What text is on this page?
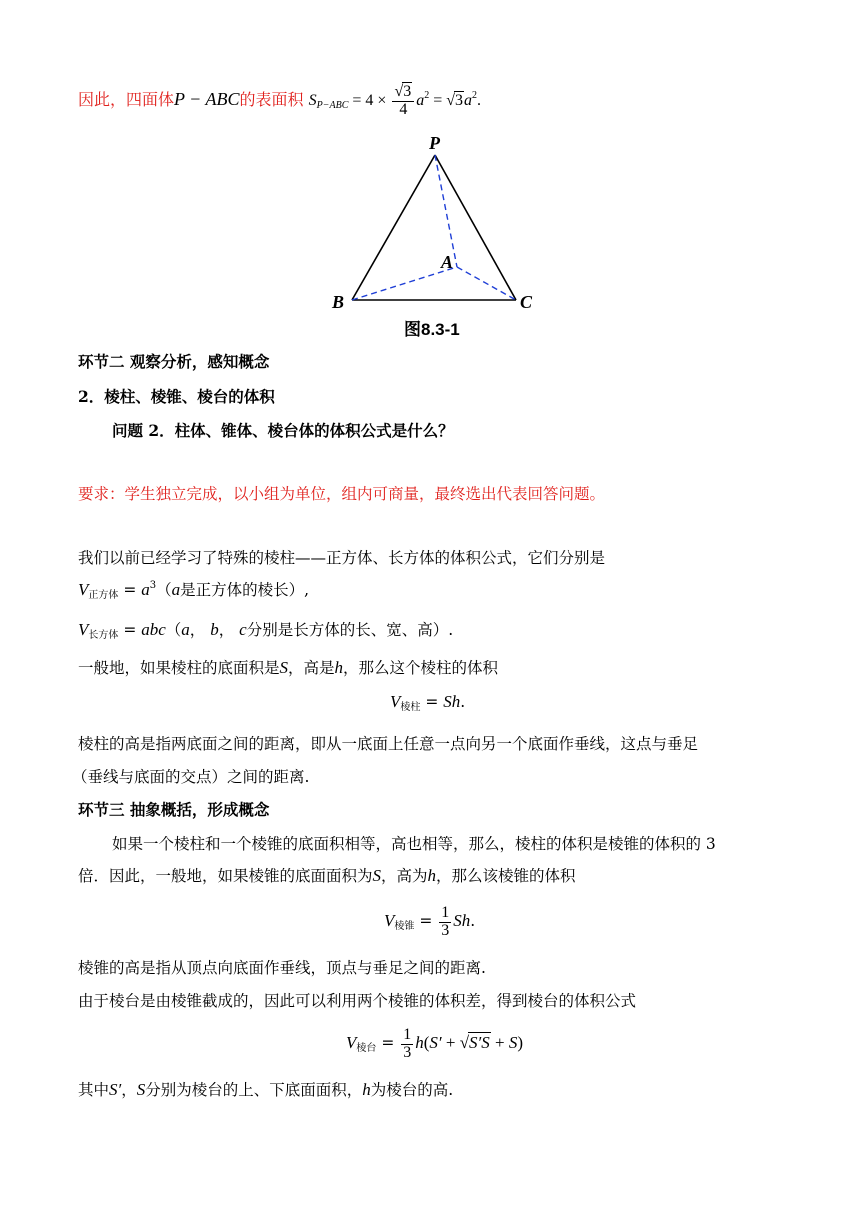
因此，四面体P − ABC的表面积 $S_{P-ABC} = 4 \times \frac{√3}{4} a^2 = √3a^2$.
P
A
B	C
图8.3-1
环节二 观察分析，感知概念
2．棱柱、棱锥、棱台的体积
问题 2．柱体、锥体、棱台体的体积公式是什么？
要求：学生独立完成，以小组为单位，组内可商量，最终选出代表回答问题。
我们以前已经学习了特殊的棱柱——正方体、长方体的体积公式，它们分别是
$V_{正方体} = a^3(a$是正方体的棱长）,
$V_{长方体} = abc(a$， b， c分别是长方体的长、宽、高）.
一般地，如果棱柱的底面积是S，高是h，那么这个棱柱的体积
$V_{棱柱} = Sh$.
棱柱的高是指两底面之间的距离，即从一底面上任意一点向另一个底面作垂线，这点与垂足
（垂线与底面的交点）之间的距离.
环节三 抽象概括，形成概念
如果一个棱柱和一个棱锥的底面积相等，高也相等，那么，棱柱的体积是棱锥的体积的 3
倍．因此，一般地，如果棱锥的底面面积为S，高为h，那么该棱锥的体积
$V_{棱锥} = \frac{1}{3} Sh$.
棱锥的高是指从顶点向底面作垂线，顶点与垂足之间的距离.
由于棱台是由棱锥截成的，因此可以利用两个棱锥的体积差，得到棱台的体积公式
$V_{棱台} = \frac{1}{3} h(S' + √S'S + S)$
其中S′，S分别为棱台的上、下底面面积，h为棱台的高.
